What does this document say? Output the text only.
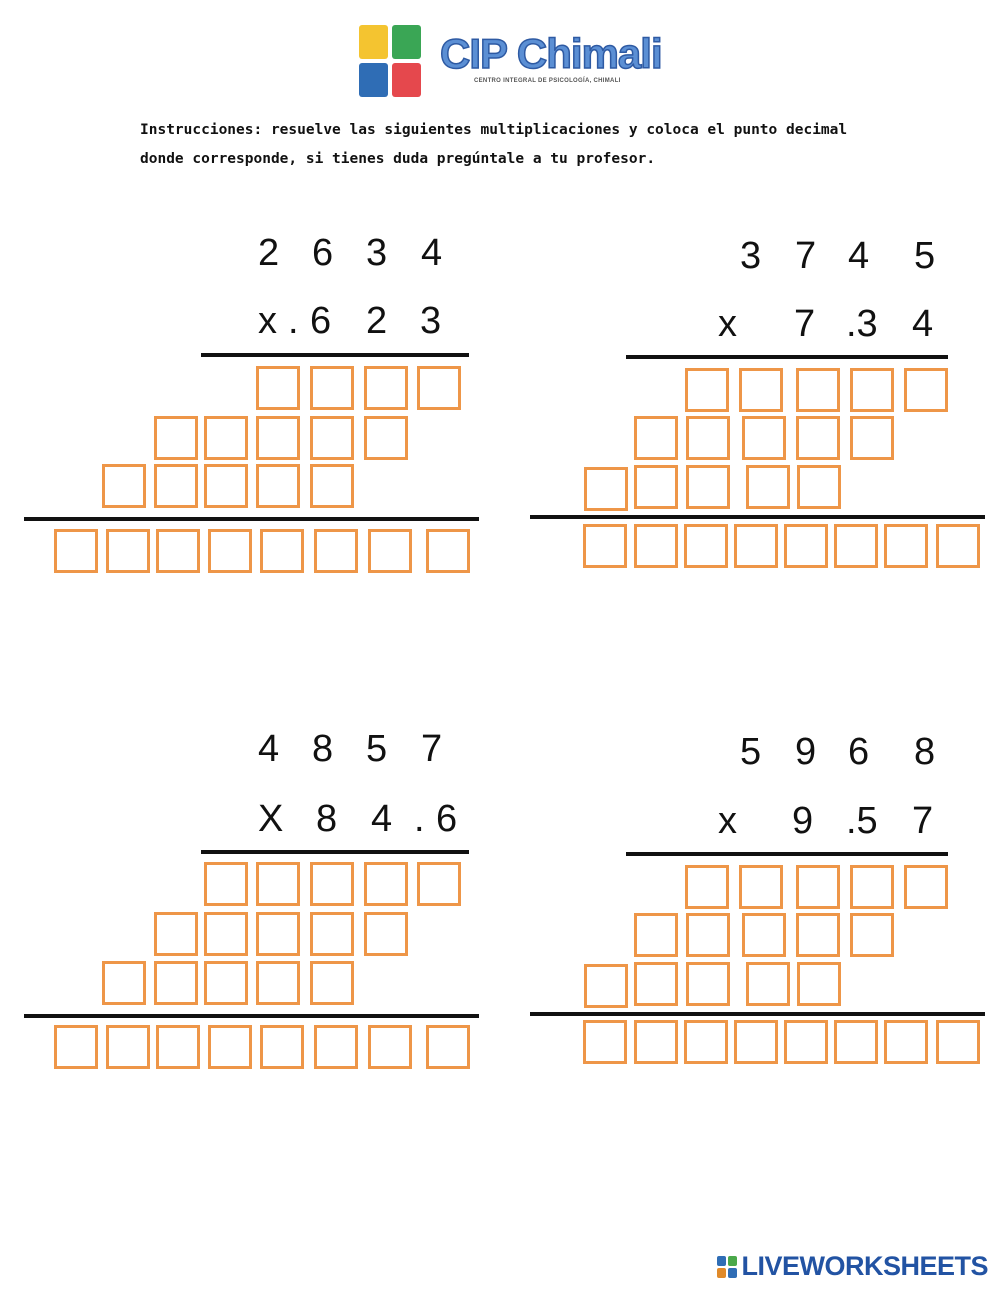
CIP Chimali
CENTRO INTEGRAL DE PSICOLOGÍA, CHIMALI
Instrucciones: resuelve las siguientes multiplicaciones y coloca el punto decimal
donde corresponde, si tienes duda pregúntale a tu profesor.
2 6 3 4
x . 6 2 3
3 7 4 5
x 7 .3 4
4 8 5 7
X 8 4 . 6
5 9 6 8
x 9 .5 7
LIVEWORKSHEETS
